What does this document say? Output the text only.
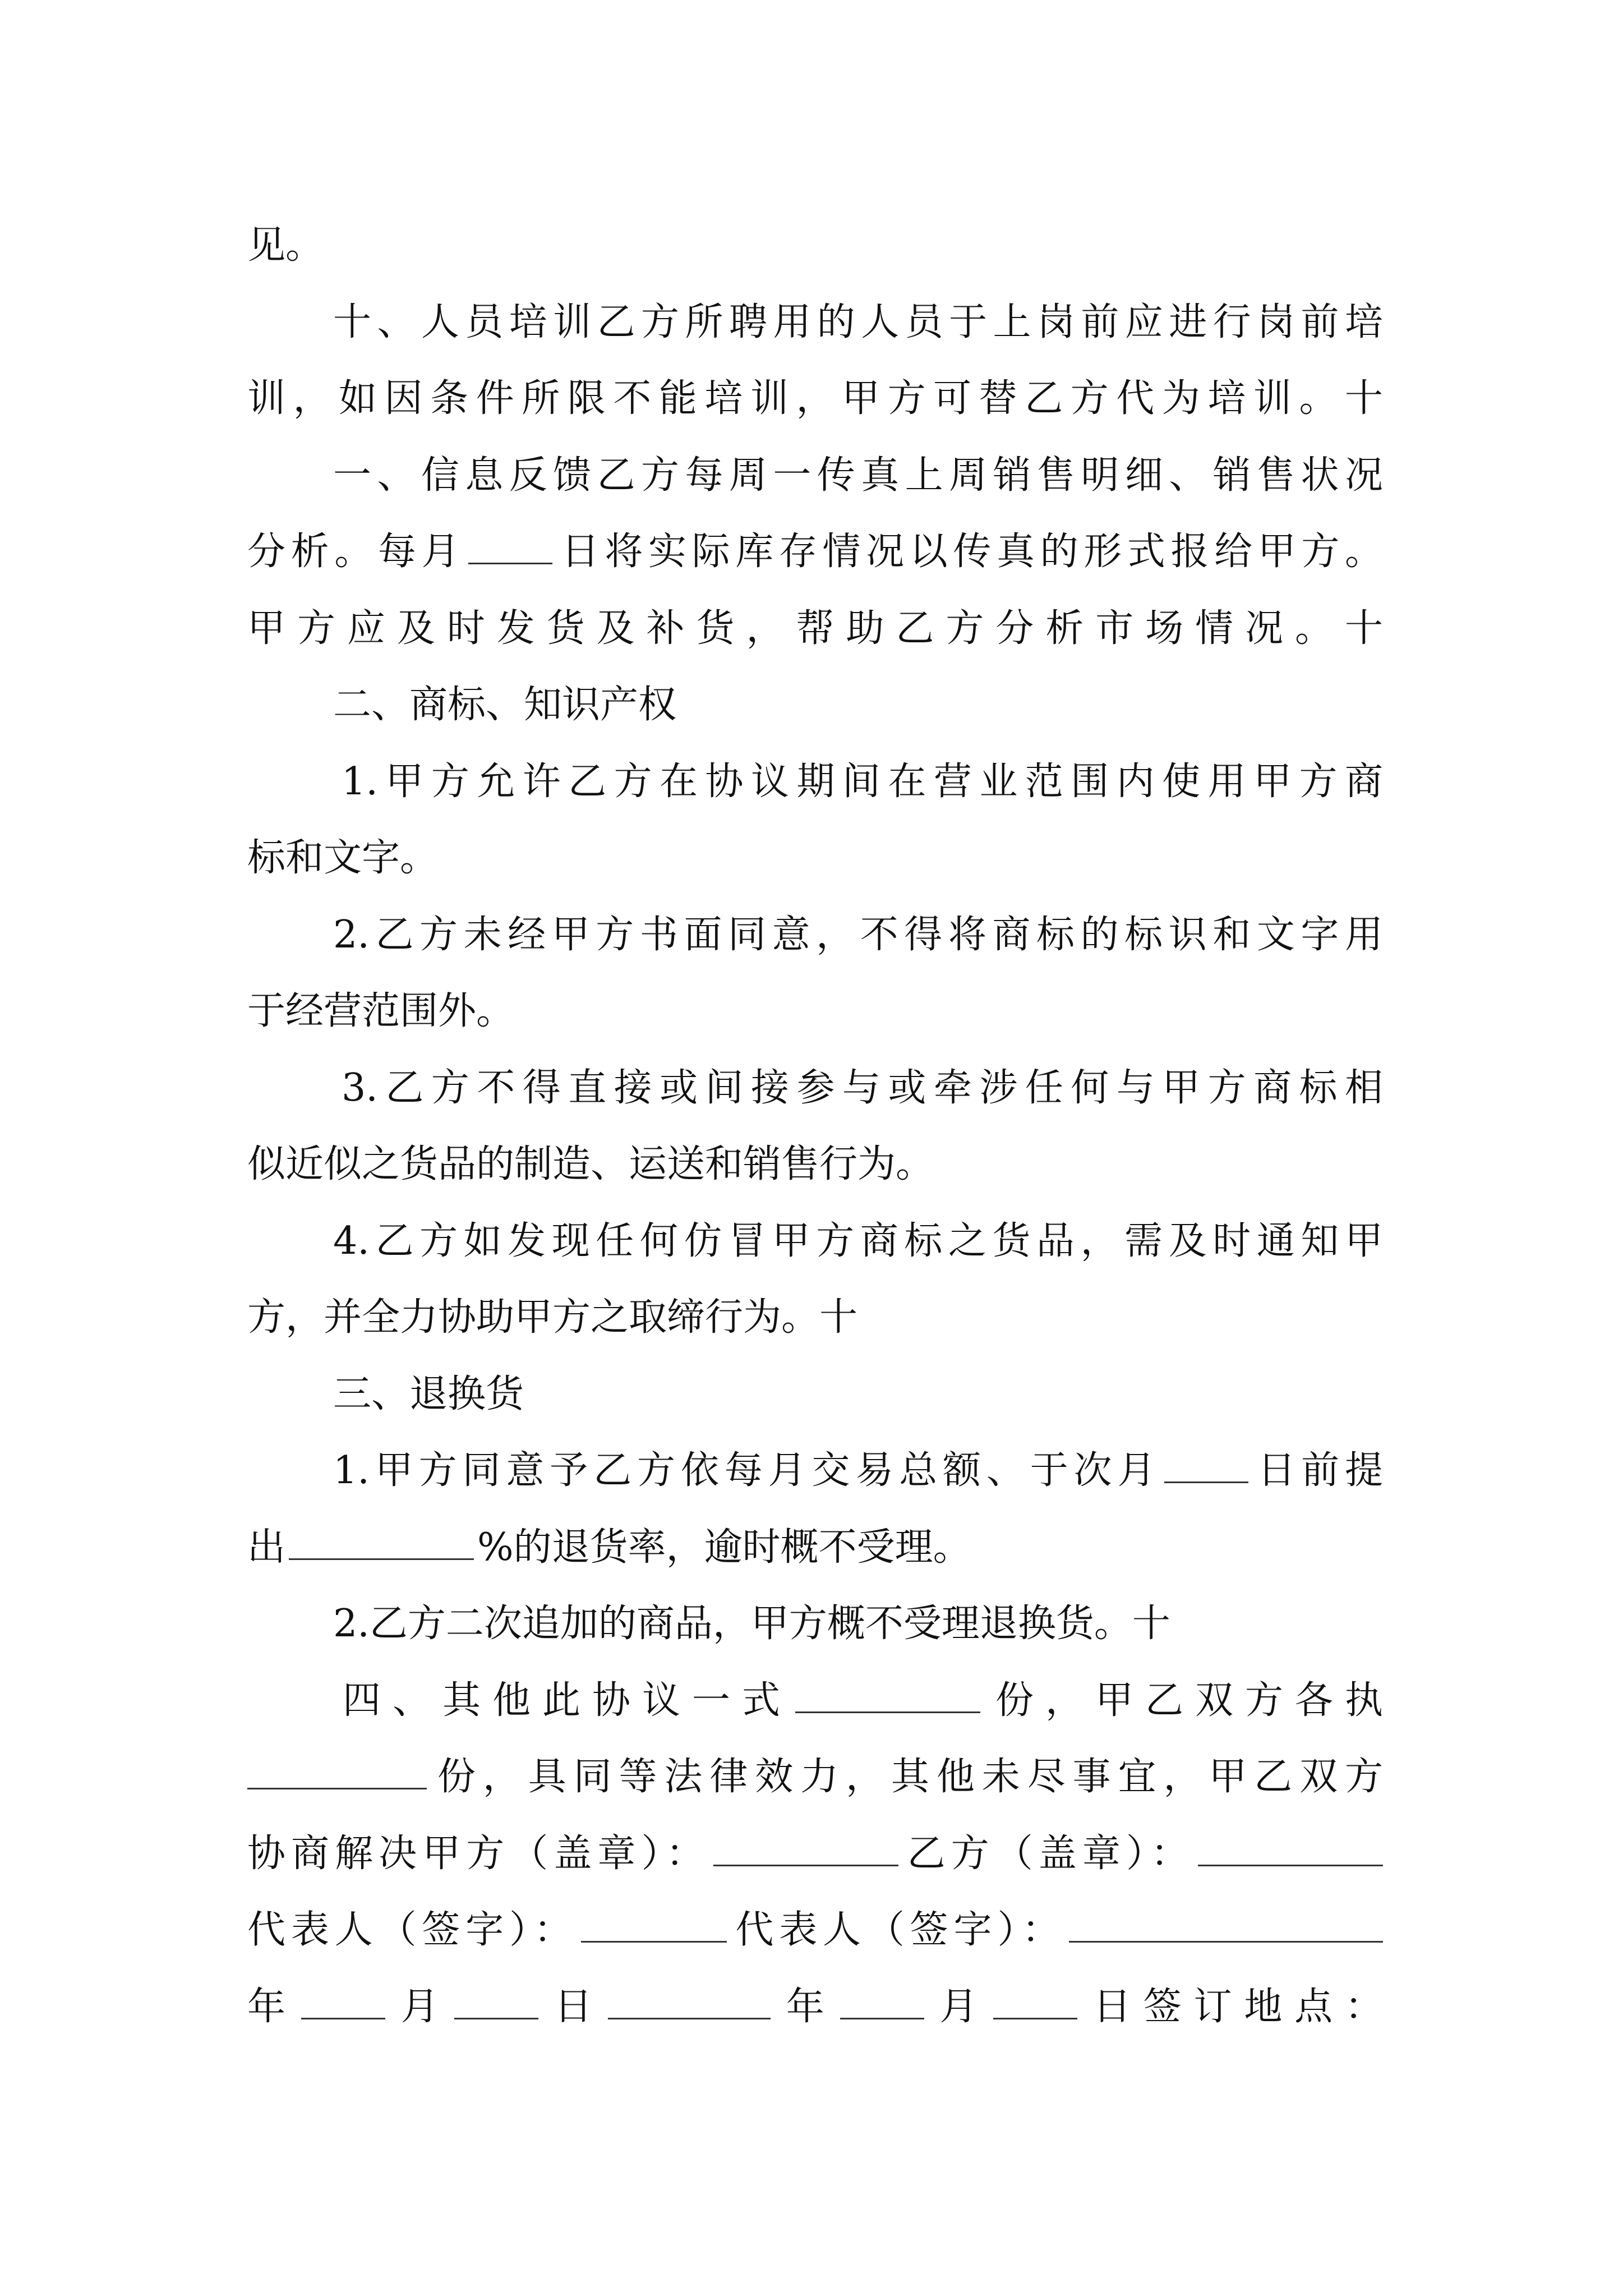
见。
十、人员培训乙方所聘用的人员于上岗前应进行岗前培
训，如因条件所限不能培训，甲方可替乙方代为培训。十
一、信息反馈乙方每周一传真上周销售明细、销售状况
分析。每月 日将实际库存情况以传真的形式报给甲方。
甲方应及时发货及补货，帮助乙方分析市场情况。十
二、商标、知识产权
1.甲方允许乙方在协议期间在营业范围内使用甲方商
标和文字。
2.乙方未经甲方书面同意，不得将商标的标识和文字用
于经营范围外。
3.乙方不得直接或间接参与或牵涉任何与甲方商标相
似近似之货品的制造、运送和销售行为。
4.乙方如发现任何仿冒甲方商标之货品，需及时通知甲
方，并全力协助甲方之取缔行为。十
三、退换货
1.甲方同意予乙方依每月交易总额、于次月 日前提
出	%的退货率，逾时概不受理。
2.乙方二次追加的商品，甲方概不受理退换货。十
四、其他此协议一式	份，甲乙双方各执
份，具同等法律效力，其他未尽事宜，甲乙双方
协商解决甲方（盖章）：	乙方（盖章）：
代表人（签字）：	代表人（签字）：
年 月 日	年 月 日签订地点：
